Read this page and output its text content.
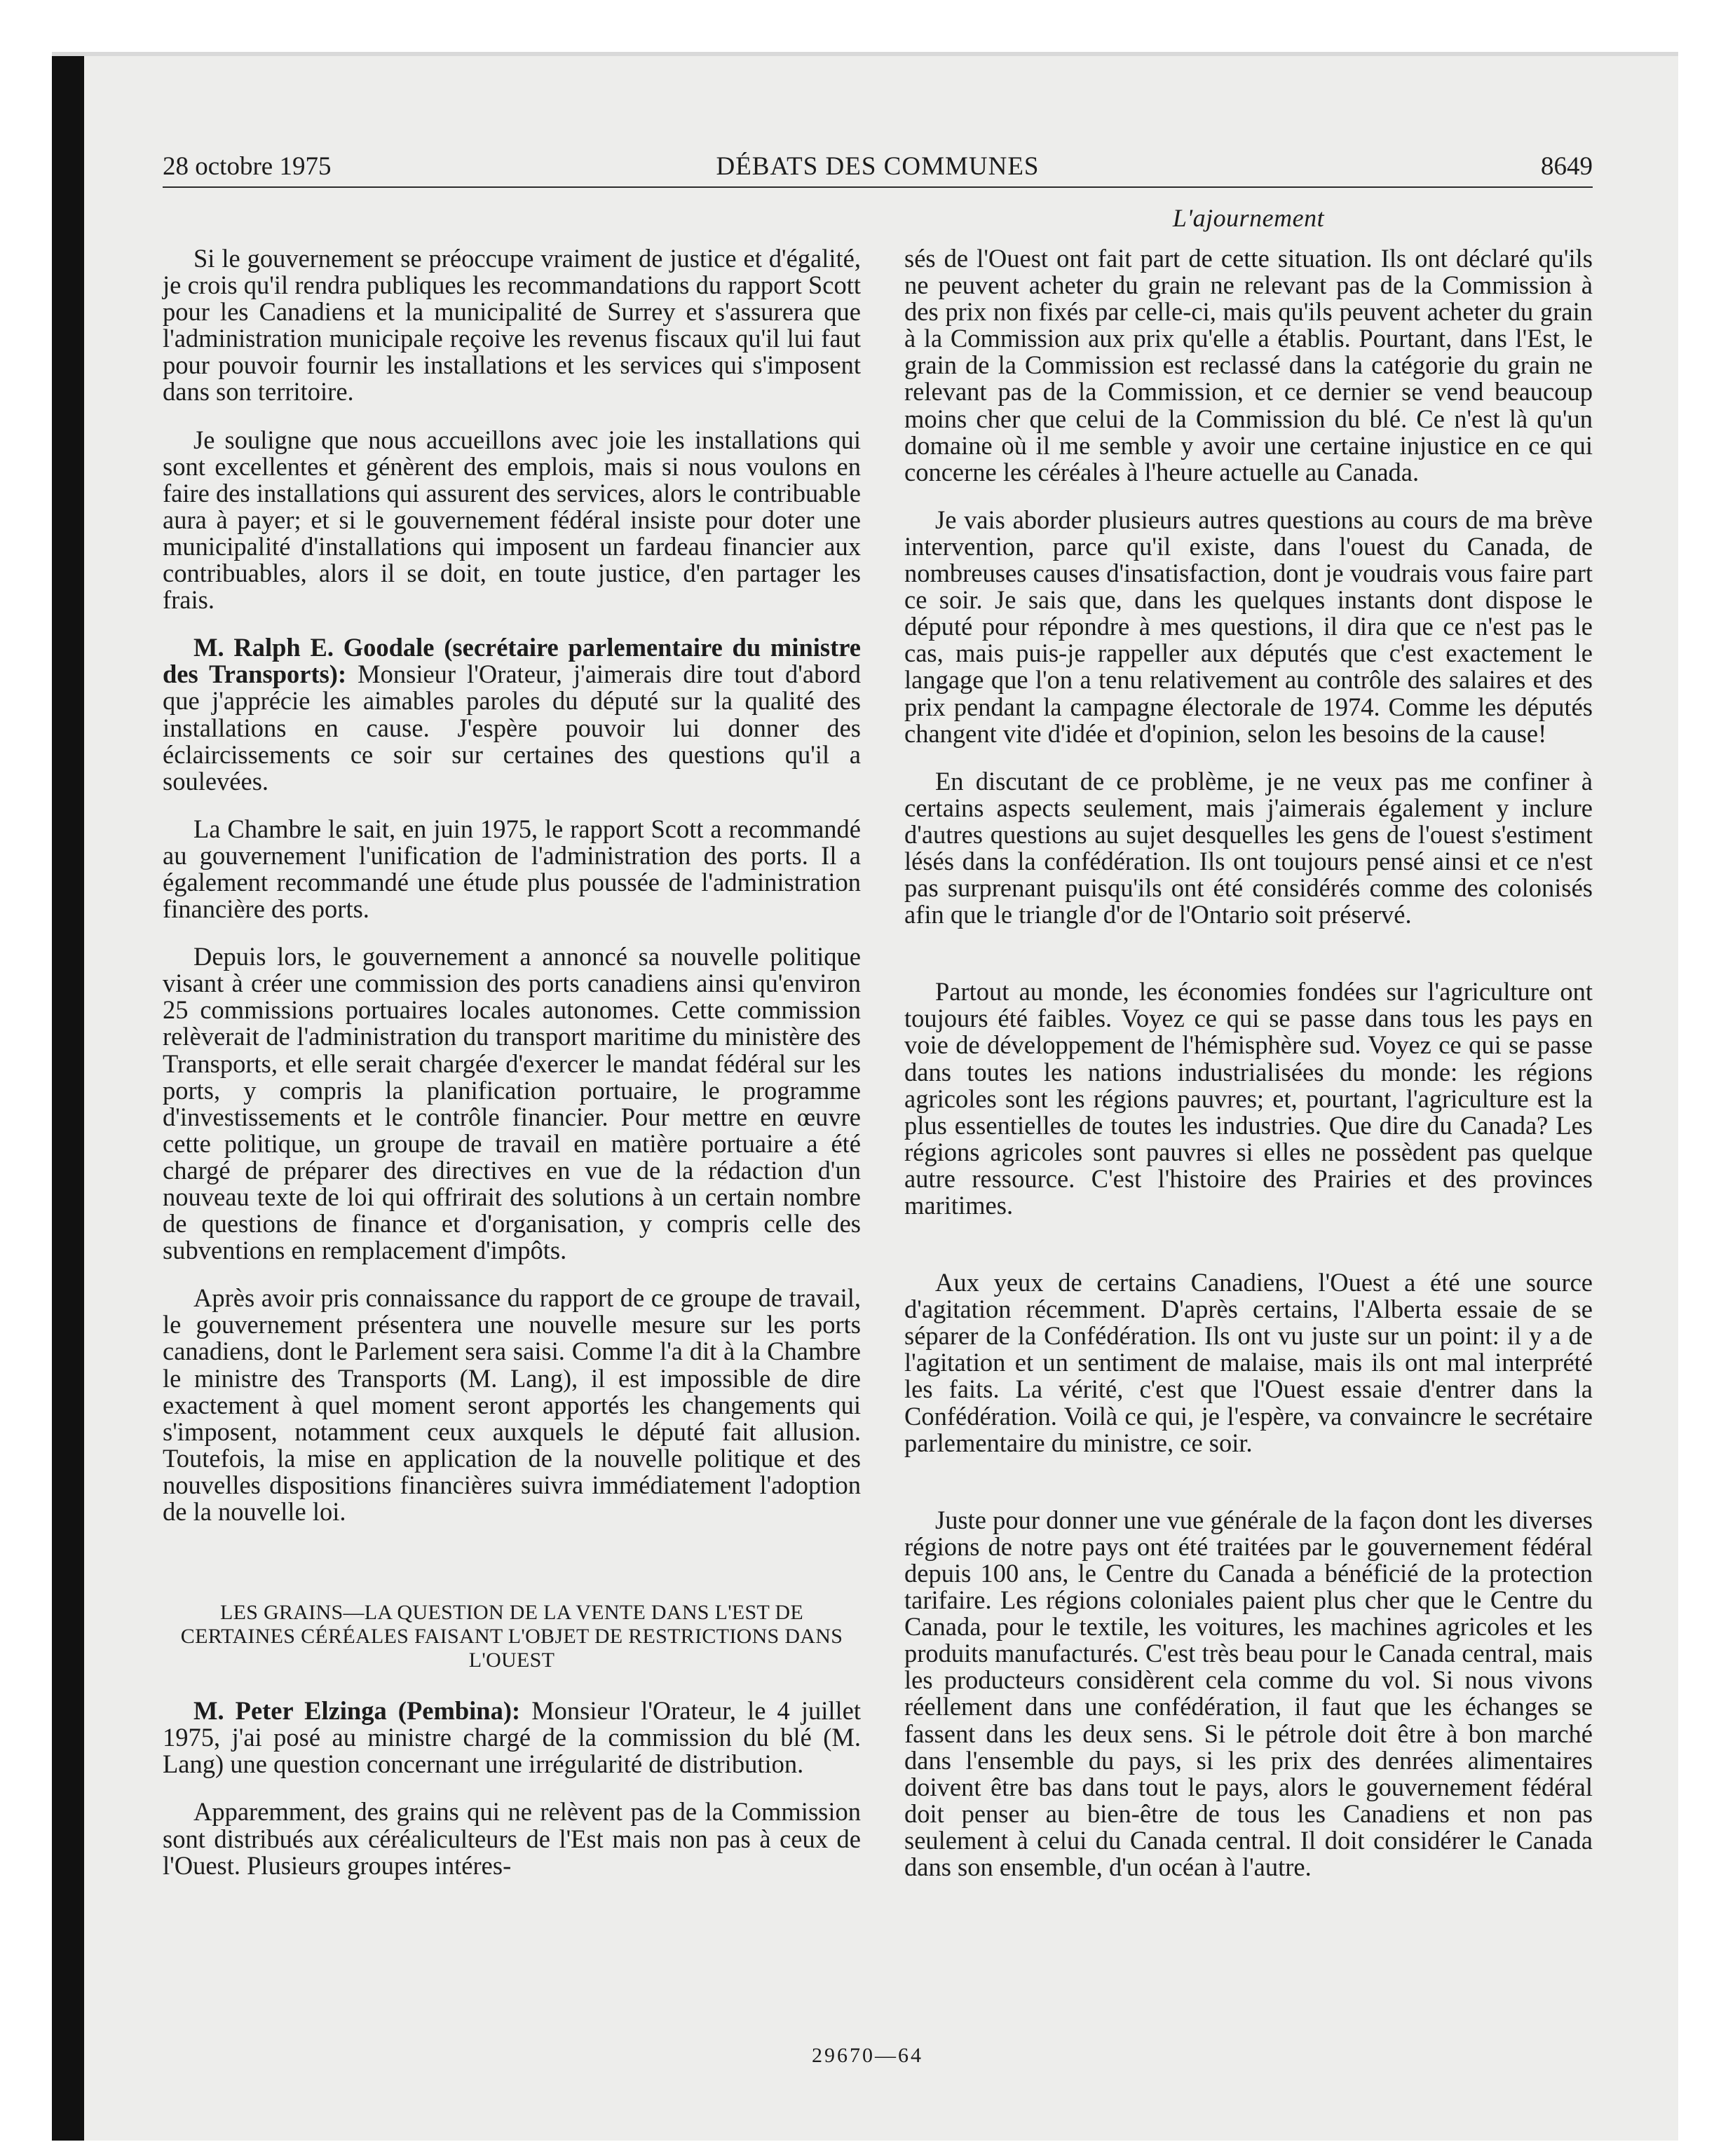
28 octobre 1975	DÉBATS DES COMMUNES	8649
L'ajournement

Si le gouvernement se préoccupe vraiment de justice et d'égalité, je crois qu'il rendra publiques les recommandations du rapport Scott pour les Canadiens et la municipalité de Surrey et s'assurera que l'administration municipale reçoive les revenus fiscaux qu'il lui faut pour pouvoir fournir les installations et les services qui s'imposent dans son territoire.

Je souligne que nous accueillons avec joie les installations qui sont excellentes et génèrent des emplois, mais si nous voulons en faire des installations qui assurent des services, alors le contribuable aura à payer; et si le gouvernement fédéral insiste pour doter une municipalité d'installations qui imposent un fardeau financier aux contribuables, alors il se doit, en toute justice, d'en partager les frais.

M. Ralph E. Goodale (secrétaire parlementaire du ministre des Transports): Monsieur l'Orateur, j'aimerais dire tout d'abord que j'apprécie les aimables paroles du député sur la qualité des installations en cause. J'espère pouvoir lui donner des éclaircissements ce soir sur certaines des questions qu'il a soulevées.

La Chambre le sait, en juin 1975, le rapport Scott a recommandé au gouvernement l'unification de l'administration des ports. Il a également recommandé une étude plus poussée de l'administration financière des ports.

Depuis lors, le gouvernement a annoncé sa nouvelle politique visant à créer une commission des ports canadiens ainsi qu'environ 25 commissions portuaires locales autonomes. Cette commission relèverait de l'administration du transport maritime du ministère des Transports, et elle serait chargée d'exercer le mandat fédéral sur les ports, y compris la planification portuaire, le programme d'investissements et le contrôle financier. Pour mettre en œuvre cette politique, un groupe de travail en matière portuaire a été chargé de préparer des directives en vue de la rédaction d'un nouveau texte de loi qui offrirait des solutions à un certain nombre de questions de finance et d'organisation, y compris celle des subventions en remplacement d'impôts.

Après avoir pris connaissance du rapport de ce groupe de travail, le gouvernement présentera une nouvelle mesure sur les ports canadiens, dont le Parlement sera saisi. Comme l'a dit à la Chambre le ministre des Transports (M. Lang), il est impossible de dire exactement à quel moment seront apportés les changements qui s'imposent, notamment ceux auxquels le député fait allusion. Toutefois, la mise en application de la nouvelle politique et des nouvelles dispositions financières suivra immédiatement l'adoption de la nouvelle loi.

LES GRAINS—LA QUESTION DE LA VENTE DANS L'EST DE CERTAINES CÉRÉALES FAISANT L'OBJET DE RESTRICTIONS DANS L'OUEST

M. Peter Elzinga (Pembina): Monsieur l'Orateur, le 4 juillet 1975, j'ai posé au ministre chargé de la commission du blé (M. Lang) une question concernant une irrégularité de distribution.

Apparemment, des grains qui ne relèvent pas de la Commission sont distribués aux céréaliculteurs de l'Est mais non pas à ceux de l'Ouest. Plusieurs groupes intéres-

sés de l'Ouest ont fait part de cette situation. Ils ont déclaré qu'ils ne peuvent acheter du grain ne relevant pas de la Commission à des prix non fixés par celle-ci, mais qu'ils peuvent acheter du grain à la Commission aux prix qu'elle a établis. Pourtant, dans l'Est, le grain de la Commission est reclassé dans la catégorie du grain ne relevant pas de la Commission, et ce dernier se vend beaucoup moins cher que celui de la Commission du blé. Ce n'est là qu'un domaine où il me semble y avoir une certaine injustice en ce qui concerne les céréales à l'heure actuelle au Canada.

Je vais aborder plusieurs autres questions au cours de ma brève intervention, parce qu'il existe, dans l'ouest du Canada, de nombreuses causes d'insatisfaction, dont je voudrais vous faire part ce soir. Je sais que, dans les quelques instants dont dispose le député pour répondre à mes questions, il dira que ce n'est pas le cas, mais puis-je rappeller aux députés que c'est exactement le langage que l'on a tenu relativement au contrôle des salaires et des prix pendant la campagne électorale de 1974. Comme les députés changent vite d'idée et d'opinion, selon les besoins de la cause!

En discutant de ce problème, je ne veux pas me confiner à certains aspects seulement, mais j'aimerais également y inclure d'autres questions au sujet desquelles les gens de l'ouest s'estiment lésés dans la confédération. Ils ont toujours pensé ainsi et ce n'est pas surprenant puisqu'ils ont été considérés comme des colonisés afin que le triangle d'or de l'Ontario soit préservé.

Partout au monde, les économies fondées sur l'agriculture ont toujours été faibles. Voyez ce qui se passe dans tous les pays en voie de développement de l'hémisphère sud. Voyez ce qui se passe dans toutes les nations industrialisées du monde: les régions agricoles sont les régions pauvres; et, pourtant, l'agriculture est la plus essentielles de toutes les industries. Que dire du Canada? Les régions agricoles sont pauvres si elles ne possèdent pas quelque autre ressource. C'est l'histoire des Prairies et des provinces maritimes.

Aux yeux de certains Canadiens, l'Ouest a été une source d'agitation récemment. D'après certains, l'Alberta essaie de se séparer de la Confédération. Ils ont vu juste sur un point: il y a de l'agitation et un sentiment de malaise, mais ils ont mal interprété les faits. La vérité, c'est que l'Ouest essaie d'entrer dans la Confédération. Voilà ce qui, je l'espère, va convaincre le secrétaire parlementaire du ministre, ce soir.

Juste pour donner une vue générale de la façon dont les diverses régions de notre pays ont été traitées par le gouvernement fédéral depuis 100 ans, le Centre du Canada a bénéficié de la protection tarifaire. Les régions coloniales paient plus cher que le Centre du Canada, pour le textile, les voitures, les machines agricoles et les produits manufacturés. C'est très beau pour le Canada central, mais les producteurs considèrent cela comme du vol. Si nous vivons réellement dans une confédération, il faut que les échanges se fassent dans les deux sens. Si le pétrole doit être à bon marché dans l'ensemble du pays, si les prix des denrées alimentaires doivent être bas dans tout le pays, alors le gouvernement fédéral doit penser au bien-être de tous les Canadiens et non pas seulement à celui du Canada central. Il doit considérer le Canada dans son ensemble, d'un océan à l'autre.

29670—64
